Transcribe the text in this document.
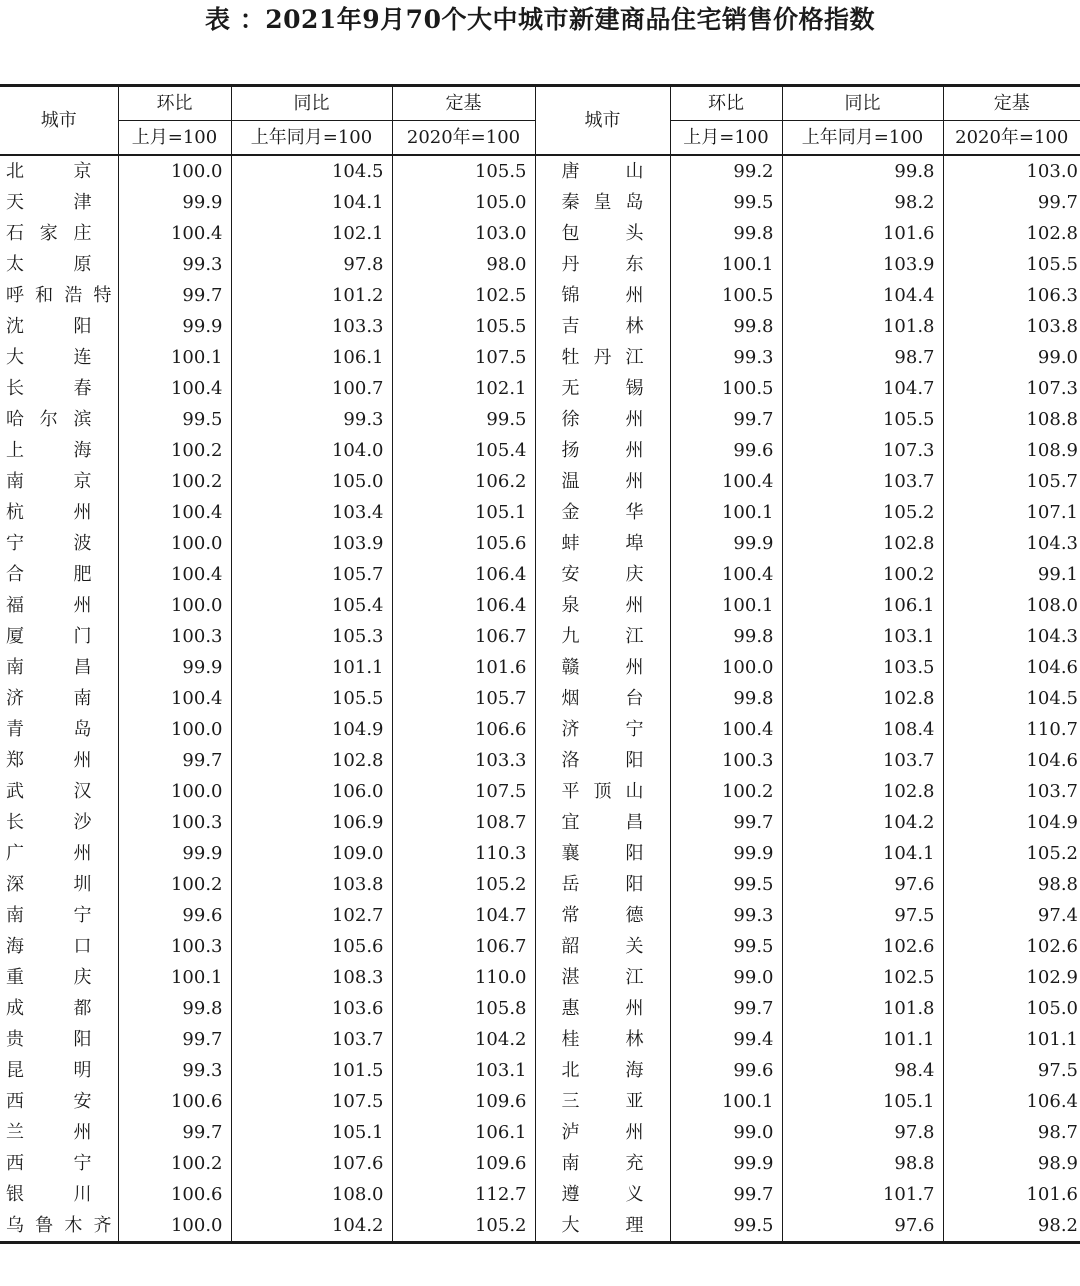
表 ：2021年9月70个大中城市新建商品住宅销售价格指数
城市	环比	同比	定基	城市	环比	同比	定基
	上月=100	上年同月=100	2020年=100		上月=100	上年同月=100	2020年=100
北京	100.0	104.5	105.5	唐山	99.2	99.8	103.0
天津	99.9	104.1	105.0	秦皇岛	99.5	98.2	99.7
石家庄	100.4	102.1	103.0	包头	99.8	101.6	102.8
太原	99.3	97.8	98.0	丹东	100.1	103.9	105.5
呼和浩特	99.7	101.2	102.5	锦州	100.5	104.4	106.3
沈阳	99.9	103.3	105.5	吉林	99.8	101.8	103.8
大连	100.1	106.1	107.5	牡丹江	99.3	98.7	99.0
长春	100.4	100.7	102.1	无锡	100.5	104.7	107.3
哈尔滨	99.5	99.3	99.5	徐州	99.7	105.5	108.8
上海	100.2	104.0	105.4	扬州	99.6	107.3	108.9
南京	100.2	105.0	106.2	温州	100.4	103.7	105.7
杭州	100.4	103.4	105.1	金华	100.1	105.2	107.1
宁波	100.0	103.9	105.6	蚌埠	99.9	102.8	104.3
合肥	100.4	105.7	106.4	安庆	100.4	100.2	99.1
福州	100.0	105.4	106.4	泉州	100.1	106.1	108.0
厦门	100.3	105.3	106.7	九江	99.8	103.1	104.3
南昌	99.9	101.1	101.6	赣州	100.0	103.5	104.6
济南	100.4	105.5	105.7	烟台	99.8	102.8	104.5
青岛	100.0	104.9	106.6	济宁	100.4	108.4	110.7
郑州	99.7	102.8	103.3	洛阳	100.3	103.7	104.6
武汉	100.0	106.0	107.5	平顶山	100.2	102.8	103.7
长沙	100.3	106.9	108.7	宜昌	99.7	104.2	104.9
广州	99.9	109.0	110.3	襄阳	99.9	104.1	105.2
深圳	100.2	103.8	105.2	岳阳	99.5	97.6	98.8
南宁	99.6	102.7	104.7	常德	99.3	97.5	97.4
海口	100.3	105.6	106.7	韶关	99.5	102.6	102.6
重庆	100.1	108.3	110.0	湛江	99.0	102.5	102.9
成都	99.8	103.6	105.8	惠州	99.7	101.8	105.0
贵阳	99.7	103.7	104.2	桂林	99.4	101.1	101.1
昆明	99.3	101.5	103.1	北海	99.6	98.4	97.5
西安	100.6	107.5	109.6	三亚	100.1	105.1	106.4
兰州	99.7	105.1	106.1	泸州	99.0	97.8	98.7
西宁	100.2	107.6	109.6	南充	99.9	98.8	98.9
银川	100.6	108.0	112.7	遵义	99.7	101.7	101.6
乌鲁木齐	100.0	104.2	105.2	大理	99.5	97.6	98.2
